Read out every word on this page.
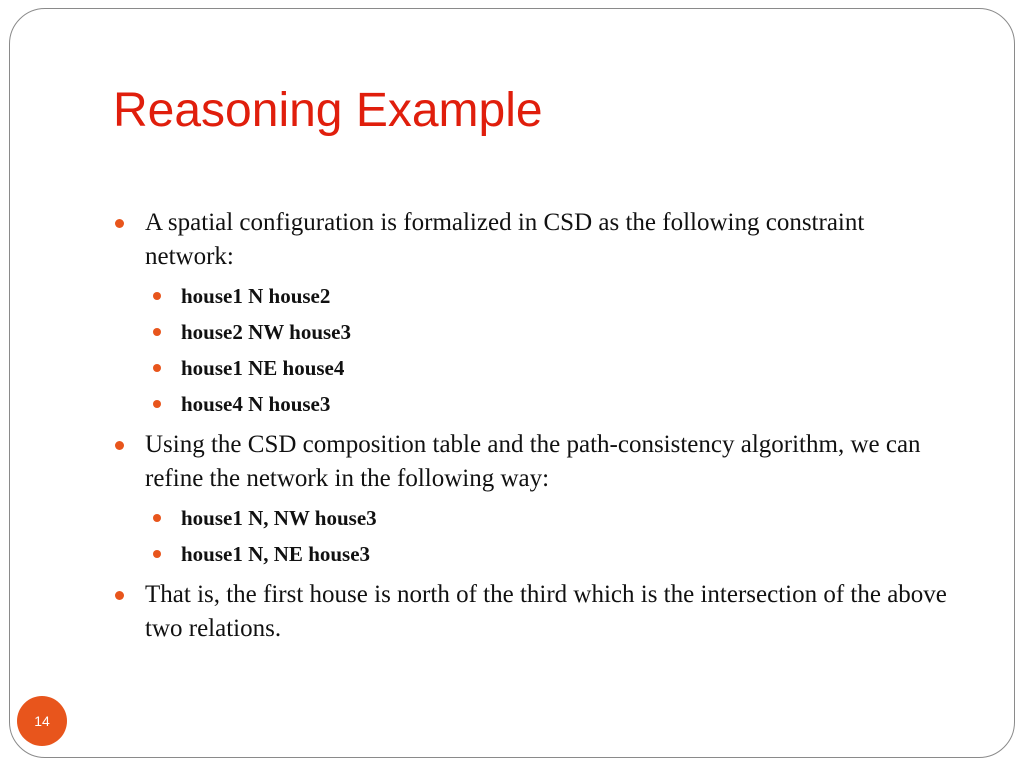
Reasoning Example
A spatial configuration is formalized in CSD as the following constraint network:
house1 N house2
house2 NW house3
house1 NE house4
house4 N house3
Using the CSD composition table and the path-consistency algorithm, we can refine the network in the following way:
house1 N, NW house3
house1 N, NE house3
That is, the first house is north of the third which is the intersection of the above two relations.
14
